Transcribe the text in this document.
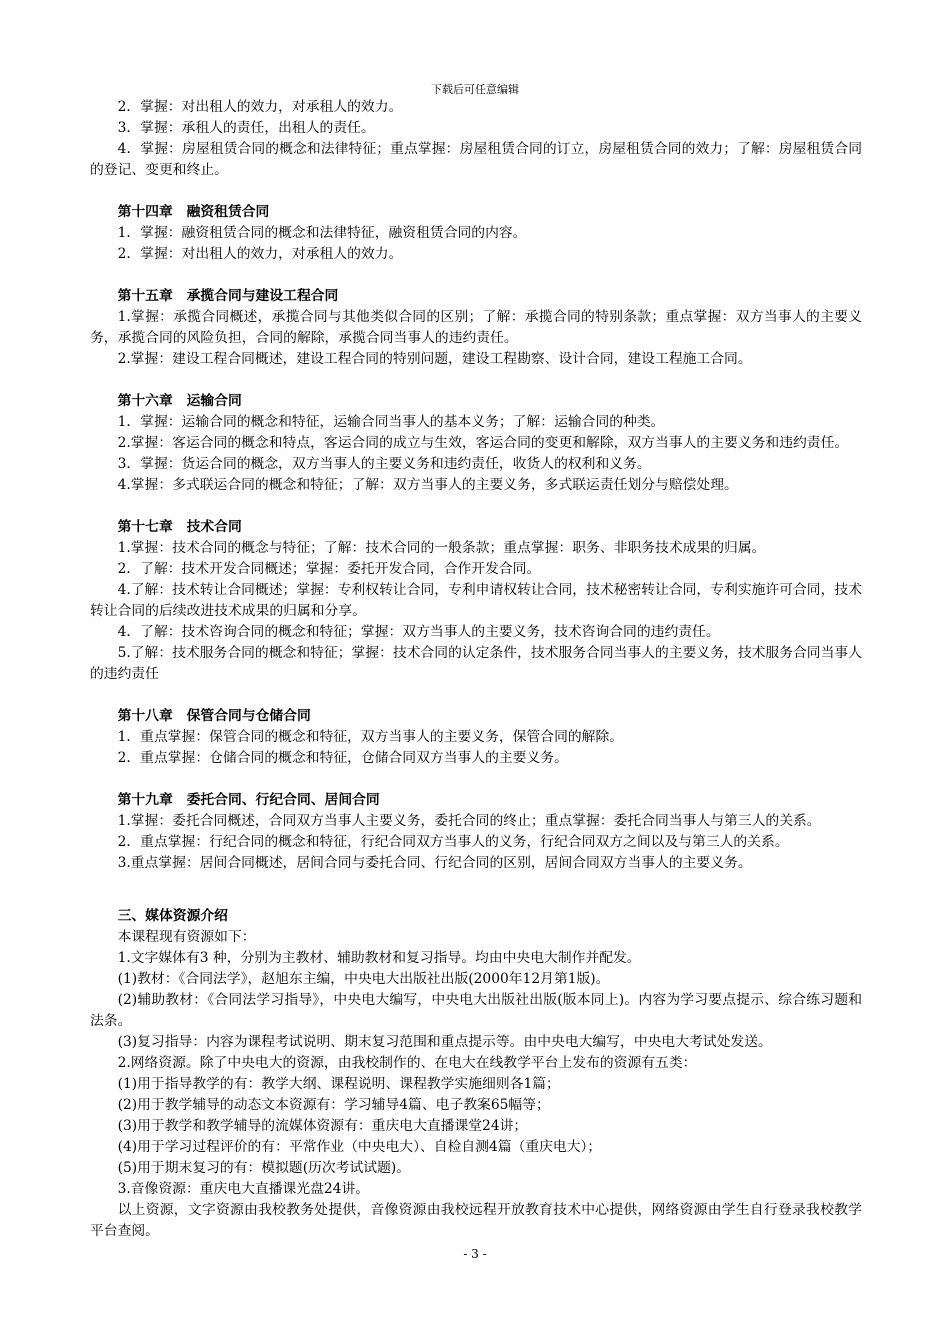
下载后可任意编辑
2．掌握：对出租人的效力，对承租人的效力。
3．掌握：承租人的责任，出租人的责任。
4．掌握：房屋租赁合同的概念和法律特征；重点掌握：房屋租赁合同的订立，房屋租赁合同的效力；了解：房屋租赁合同的登记、变更和终止。
第十四章　融资租赁合同
1．掌握：融资租赁合同的概念和法律特征，融资租赁合同的内容。
2．掌握：对出租人的效力，对承租人的效力。
第十五章　承揽合同与建设工程合同
1.掌握：承揽合同概述，承揽合同与其他类似合同的区别；了解：承揽合同的特别条款；重点掌握：双方当事人的主要义务，承揽合同的风险负担，合同的解除，承揽合同当事人的违约责任。
2.掌握：建设工程合同概述，建设工程合同的特别问题，建设工程勘察、设计合同，建设工程施工合同。
第十六章　运输合同
1．掌握：运输合同的概念和特征，运输合同当事人的基本义务；了解：运输合同的种类。
2.掌握：客运合同的概念和特点，客运合同的成立与生效，客运合同的变更和解除，双方当事人的主要义务和违约责任。
3．掌握：货运合同的概念，双方当事人的主要义务和违约责任，收货人的权利和义务。
4.掌握：多式联运合同的概念和特征；了解：双方当事人的主要义务，多式联运责任划分与赔偿处理。
第十七章　技术合同
1.掌握：技术合同的概念与特征；了解：技术合同的一般条款；重点掌握：职务、非职务技术成果的归属。
2．了解：技术开发合同概述；掌握：委托开发合同，合作开发合同。
4.了解：技术转让合同概述；掌握：专利权转让合同，专利申请权转让合同，技术秘密转让合同，专利实施许可合同，技术转让合同的后续改进技术成果的归属和分享。
4．了解：技术咨询合同的概念和特征；掌握：双方当事人的主要义务，技术咨询合同的违约责任。
5.了解：技术服务合同的概念和特征；掌握：技术合同的认定条件，技术服务合同当事人的主要义务，技术服务合同当事人的违约责任
第十八章　保管合同与仓储合同
1．重点掌握：保管合同的概念和特征，双方当事人的主要义务，保管合同的解除。
2．重点掌握：仓储合同的概念和特征，仓储合同双方当事人的主要义务。
第十九章　委托合同、行纪合同、居间合同
1.掌握：委托合同概述，合同双方当事人主要义务，委托合同的终止；重点掌握：委托合同当事人与第三人的关系。
2．重点掌握：行纪合同的概念和特征，行纪合同双方当事人的义务，行纪合同双方之间以及与第三人的关系。
3.重点掌握：居间合同概述，居间合同与委托合同、行纪合同的区别，居间合同双方当事人的主要义务。
三、媒体资源介绍
本课程现有资源如下：
1.文字媒体有3 种，分别为主教材、辅助教材和复习指导。均由中央电大制作并配发。
(1)教材：《合同法学》，赵旭东主编，中央电大出版社出版(2000年12月第1版)。
(2)辅助教材：《合同法学习指导》，中央电大编写，中央电大出版社出版(版本同上)。内容为学习要点提示、综合练习题和法条。
(3)复习指导：内容为课程考试说明、期末复习范围和重点提示等。由中央电大编写，中央电大考试处发送。
2.网络资源。除了中央电大的资源，由我校制作的、在电大在线教学平台上发布的资源有五类：
(1)用于指导教学的有：教学大纲、课程说明、课程教学实施细则各1篇；
(2)用于教学辅导的动态文本资源有：学习辅导4篇、电子教案65幅等；
(3)用于教学和教学辅导的流媒体资源有：重庆电大直播课堂24讲；
(4)用于学习过程评价的有：平常作业（中央电大）、自检自测4篇（重庆电大）；
(5)用于期末复习的有：模拟题(历次考试试题)。
3.音像资源：重庆电大直播课光盘24讲。
以上资源，文字资源由我校教务处提供，音像资源由我校远程开放教育技术中心提供，网络资源由学生自行登录我校教学平台查阅。
- 3 -
